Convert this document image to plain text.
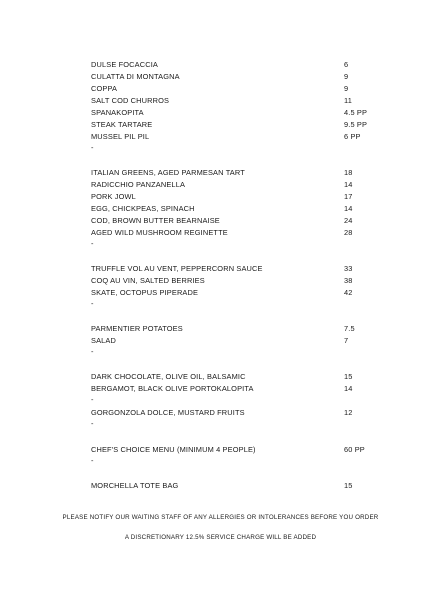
DULSE FOCACCIA	6
CULATTA DI MONTAGNA	9
COPPA	9
SALT COD CHURROS	11
SPANAKOPITA	4.5 PP
STEAK TARTARE	9.5 PP
MUSSEL PIL PIL	6 PP
-
ITALIAN GREENS, AGED PARMESAN TART	18
RADICCHIO PANZANELLA	14
PORK JOWL	17
EGG, CHICKPEAS, SPINACH	14
COD, BROWN BUTTER BEARNAISE	24
AGED WILD MUSHROOM REGINETTE	28
-
TRUFFLE VOL AU VENT, PEPPERCORN SAUCE	33
COQ AU VIN, SALTED BERRIES	38
SKATE, OCTOPUS PIPERADE	42
-
PARMENTIER POTATOES	7.5
SALAD	7
-
DARK CHOCOLATE, OLIVE OIL, BALSAMIC	15
BERGAMOT, BLACK OLIVE PORTOKALOPITA	14
-
GORGONZOLA DOLCE, MUSTARD FRUITS	12
-
CHEF'S CHOICE MENU (MINIMUM 4 PEOPLE)	60 PP
-
MORCHELLA TOTE BAG	15
PLEASE NOTIFY OUR WAITING STAFF OF ANY ALLERGIES OR INTOLERANCES BEFORE YOU ORDER
A DISCRETIONARY 12.5% SERVICE CHARGE WILL BE ADDED
